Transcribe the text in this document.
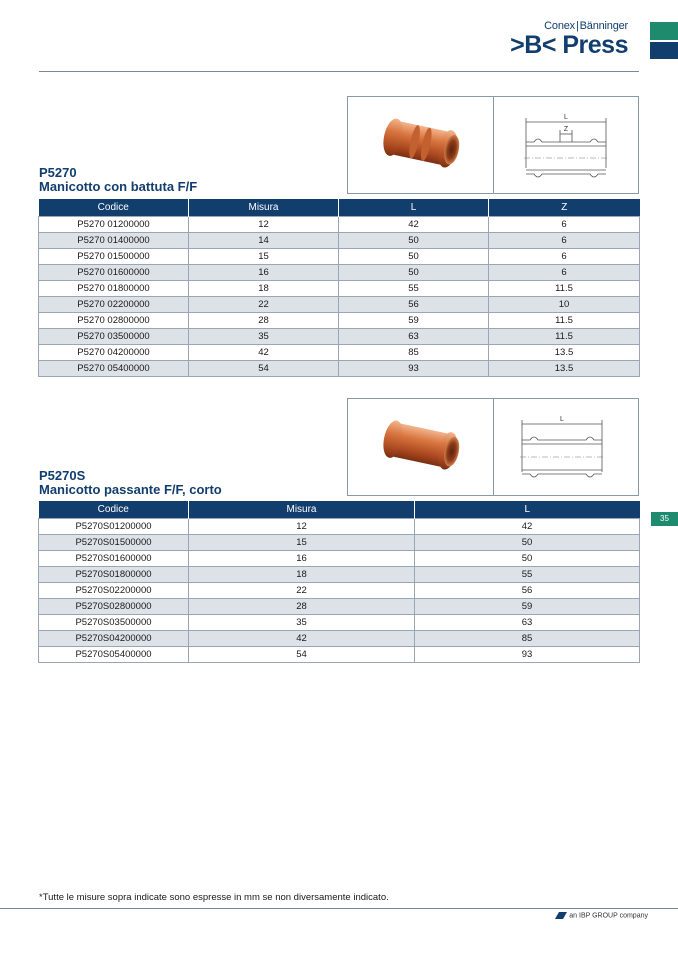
Conex|Bänninger
>B< Press
L
Z
P5270
Manicotto con battuta F/F
Codice	Misura	L	Z
P5270 01200000	12	42	6
P5270 01400000	14	50	6
P5270 01500000	15	50	6
P5270 01600000	16	50	6
P5270 01800000	18	55	11.5
P5270 02200000	22	56	10
P5270 02800000	28	59	11.5
P5270 03500000	35	63	11.5
P5270 04200000	42	85	13.5
P5270 05400000	54	93	13.5
L
P5270S
Manicotto passante F/F, corto
Codice	Misura	L
P5270S01200000	12	42
P5270S01500000	15	50
P5270S01600000	16	50
P5270S01800000	18	55
P5270S02200000	22	56
P5270S02800000	28	59
P5270S03500000	35	63
P5270S04200000	42	85
P5270S05400000	54	93
35
*Tutte le misure sopra indicate sono espresse in mm se non diversamente indicato.
an IBP GROUP company
